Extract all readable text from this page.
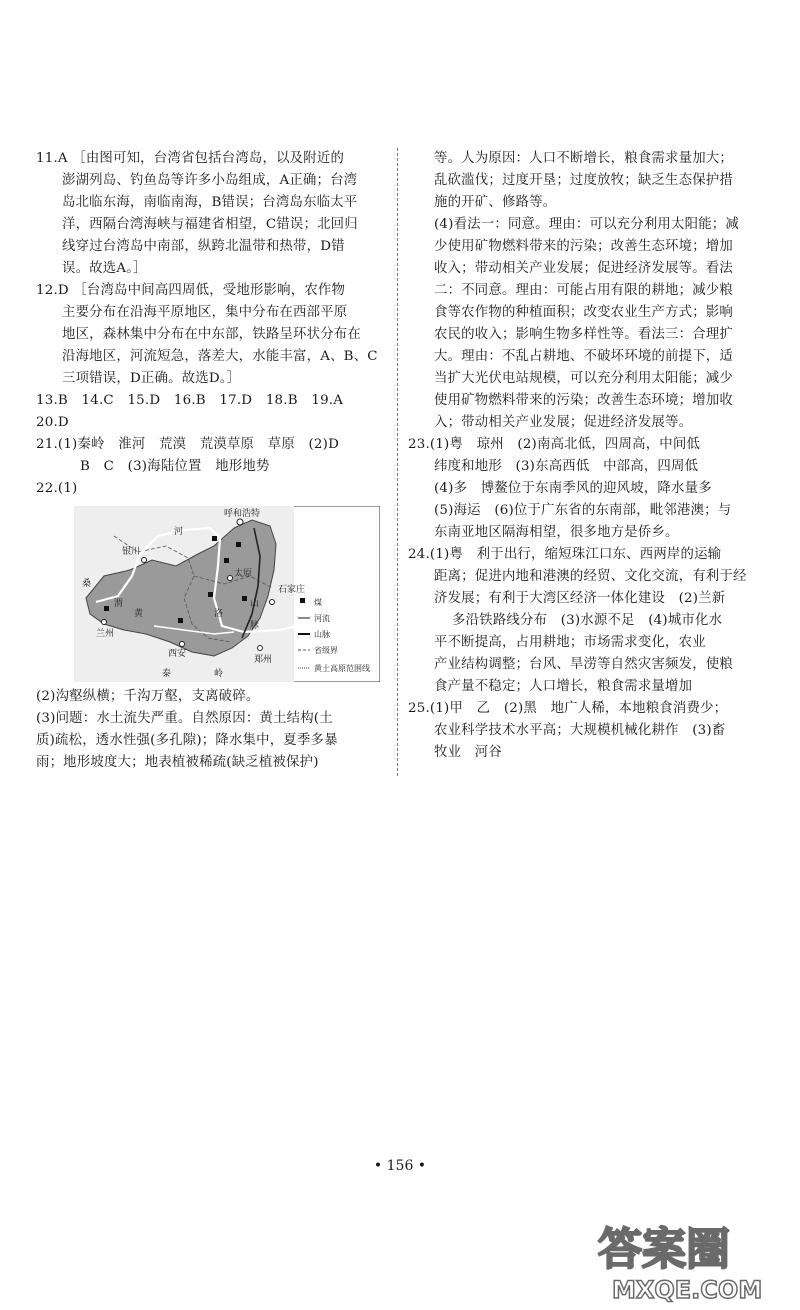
11.A ［由图可知，台湾省包括台湾岛，以及附近的
澎湖列岛、钓鱼岛等许多小岛组成，A正确；台湾
岛北临东海，南临南海，B错误；台湾岛东临太平
洋，西隔台湾海峡与福建省相望，C错误；北回归
线穿过台湾岛中南部，纵跨北温带和热带，D错
误。故选A。］
12.D ［台湾岛中间高四周低，受地形影响，农作物
主要分布在沿海平原地区，集中分布在西部平原
地区，森林集中分布在中东部，铁路呈环状分布在
沿海地区，河流短急，落差大，水能丰富，A、B、C
三项错误，D正确。故选D。］
13.B　14.C　15.D　16.B　17.D　18.B　19.A
20.D
21.(1)秦岭　淮河　荒漠　荒漠草原　草原　(2)D
B　C　(3)海陆位置　地形地势
22.(1)
呼和浩特
银川
河
太原
石家庄
兰州
西安
郑州
泰	岭
山
脉
黄	洛
渭
桑
煤
河流
山脉
省级界
黄土高原范围线
(2)沟壑纵横；千沟万壑，支离破碎。
(3)问题：水土流失严重。自然原因：黄土结构(土
质)疏松，透水性强(多孔隙)；降水集中，夏季多暴
雨；地形坡度大；地表植被稀疏(缺乏植被保护)
等。人为原因：人口不断增长，粮食需求量加大；
乱砍滥伐；过度开垦；过度放牧；缺乏生态保护措
施的开矿、修路等。
(4)看法一：同意。理由：可以充分利用太阳能；减
少使用矿物燃料带来的污染；改善生态环境；增加
收入；带动相关产业发展；促进经济发展等。看法
二：不同意。理由：可能占用有限的耕地；减少粮
食等农作物的种植面积；改变农业生产方式；影响
农民的收入；影响生物多样性等。看法三：合理扩
大。理由：不乱占耕地、不破坏环境的前提下，适
当扩大光伏电站规模，可以充分利用太阳能；减少
使用矿物燃料带来的污染；改善生态环境；增加收
入；带动相关产业发展；促进经济发展等。
23.(1)粤　琼州　(2)南高北低，四周高，中间低
纬度和地形　(3)东高西低　中部高，四周低
(4)多　博鳌位于东南季风的迎风坡，降水量多
(5)海运　(6)位于广东省的东南部，毗邻港澳；与
东南亚地区隔海相望，很多地方是侨乡。
24.(1)粤　利于出行，缩短珠江口东、西两岸的运输
距离；促进内地和港澳的经贸、文化交流，有利于经
济发展；有利于大湾区经济一体化建设　(2)兰新
多沿铁路线分布　(3)水源不足　(4)城市化水
平不断提高，占用耕地；市场需求变化，农业
产业结构调整；台风、旱涝等自然灾害频发，使粮
食产量不稳定；人口增长，粮食需求量增加
25.(1)甲　乙　(2)黑　地广人稀，本地粮食消费少；
农业科学技术水平高；大规模机械化耕作　(3)畜
牧业　河谷
• 156 •
答案圈
MXQE.COM
